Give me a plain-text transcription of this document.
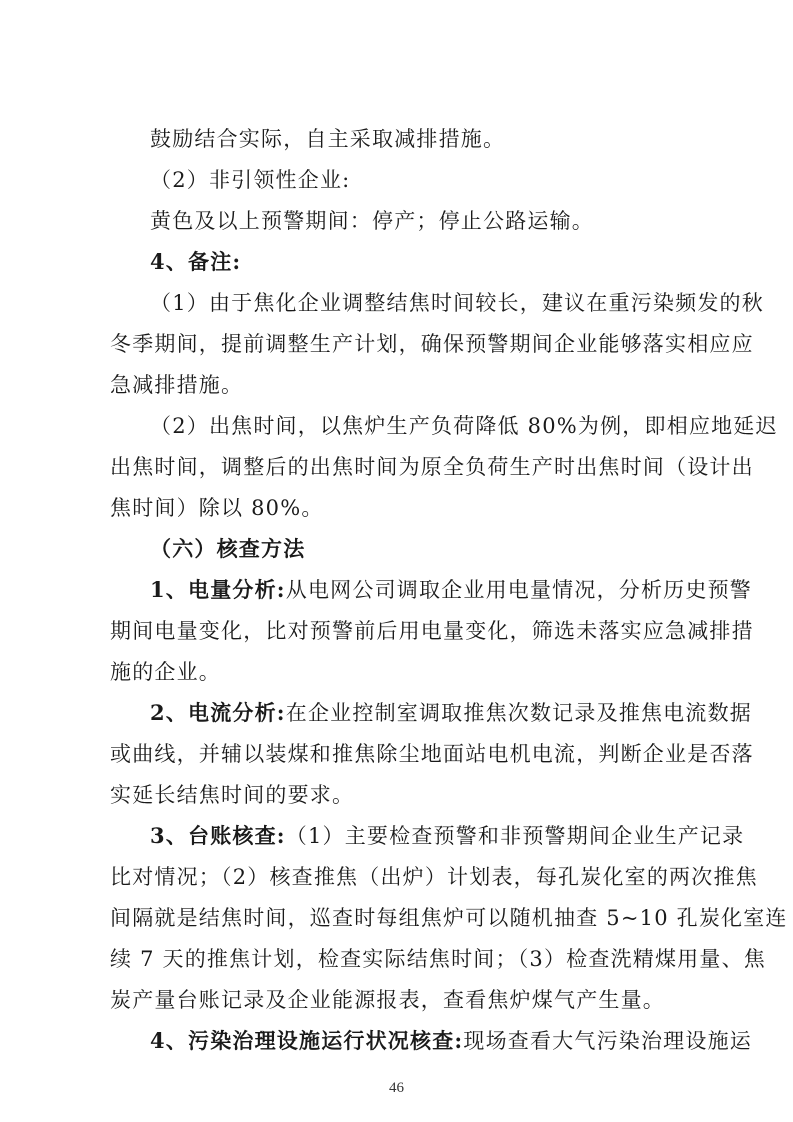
鼓励结合实际，自主采取减排措施。
（2）非引领性企业:
黄色及以上预警期间：停产；停止公路运输。
4、备注:
（1）由于焦化企业调整结焦时间较长，建议在重污染频发的秋
冬季期间，提前调整生产计划，确保预警期间企业能够落实相应应
急减排措施。
（2）出焦时间，以焦炉生产负荷降低 80%为例，即相应地延迟
出焦时间，调整后的出焦时间为原全负荷生产时出焦时间（设计出
焦时间）除以 80%。
（六）核查方法
1、电量分析:从电网公司调取企业用电量情况，分析历史预警
期间电量变化，比对预警前后用电量变化，筛选未落实应急减排措
施的企业。
2、电流分析:在企业控制室调取推焦次数记录及推焦电流数据
或曲线，并辅以装煤和推焦除尘地面站电机电流，判断企业是否落
实延长结焦时间的要求。
3、台账核查:（1）主要检查预警和非预警期间企业生产记录
比对情况；（2）核查推焦（出炉）计划表，每孔炭化室的两次推焦
间隔就是结焦时间，巡查时每组焦炉可以随机抽查 5~10 孔炭化室连
续 7 天的推焦计划，检查实际结焦时间；（3）检查洗精煤用量、焦
炭产量台账记录及企业能源报表，查看焦炉煤气产生量。
46
4、污染治理设施运行状况核查:现场查看大气污染治理设施运
